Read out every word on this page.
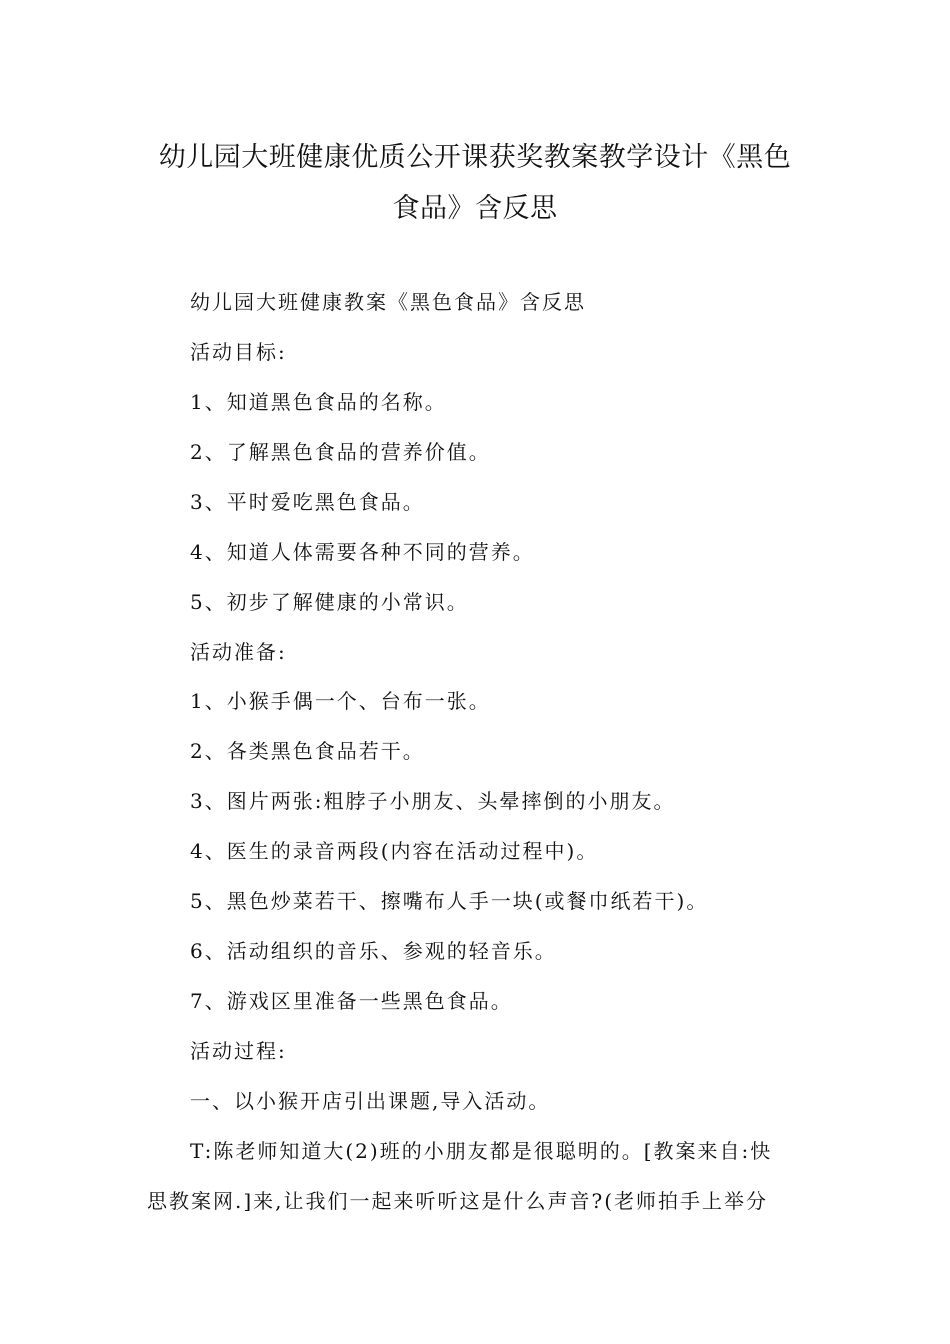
幼儿园大班健康优质公开课获奖教案教学设计《黑色
食品》含反思
幼儿园大班健康教案《黑色食品》含反思
活动目标:
1、知道黑色食品的名称。
2、了解黑色食品的营养价值。
3、平时爱吃黑色食品。
4、知道人体需要各种不同的营养。
5、初步了解健康的小常识。
活动准备:
1、小猴手偶一个、台布一张。
2、各类黑色食品若干。
3、图片两张:粗脖子小朋友、头晕摔倒的小朋友。
4、医生的录音两段(内容在活动过程中)。
5、黑色炒菜若干、擦嘴布人手一块(或餐巾纸若干)。
6、活动组织的音乐、参观的轻音乐。
7、游戏区里准备一些黑色食品。
活动过程:
一、以小猴开店引出课题,导入活动。
T:陈老师知道大(2)班的小朋友都是很聪明的。[教案来自:快
思教案网.]来,让我们一起来听听这是什么声音?(老师拍手上举分
